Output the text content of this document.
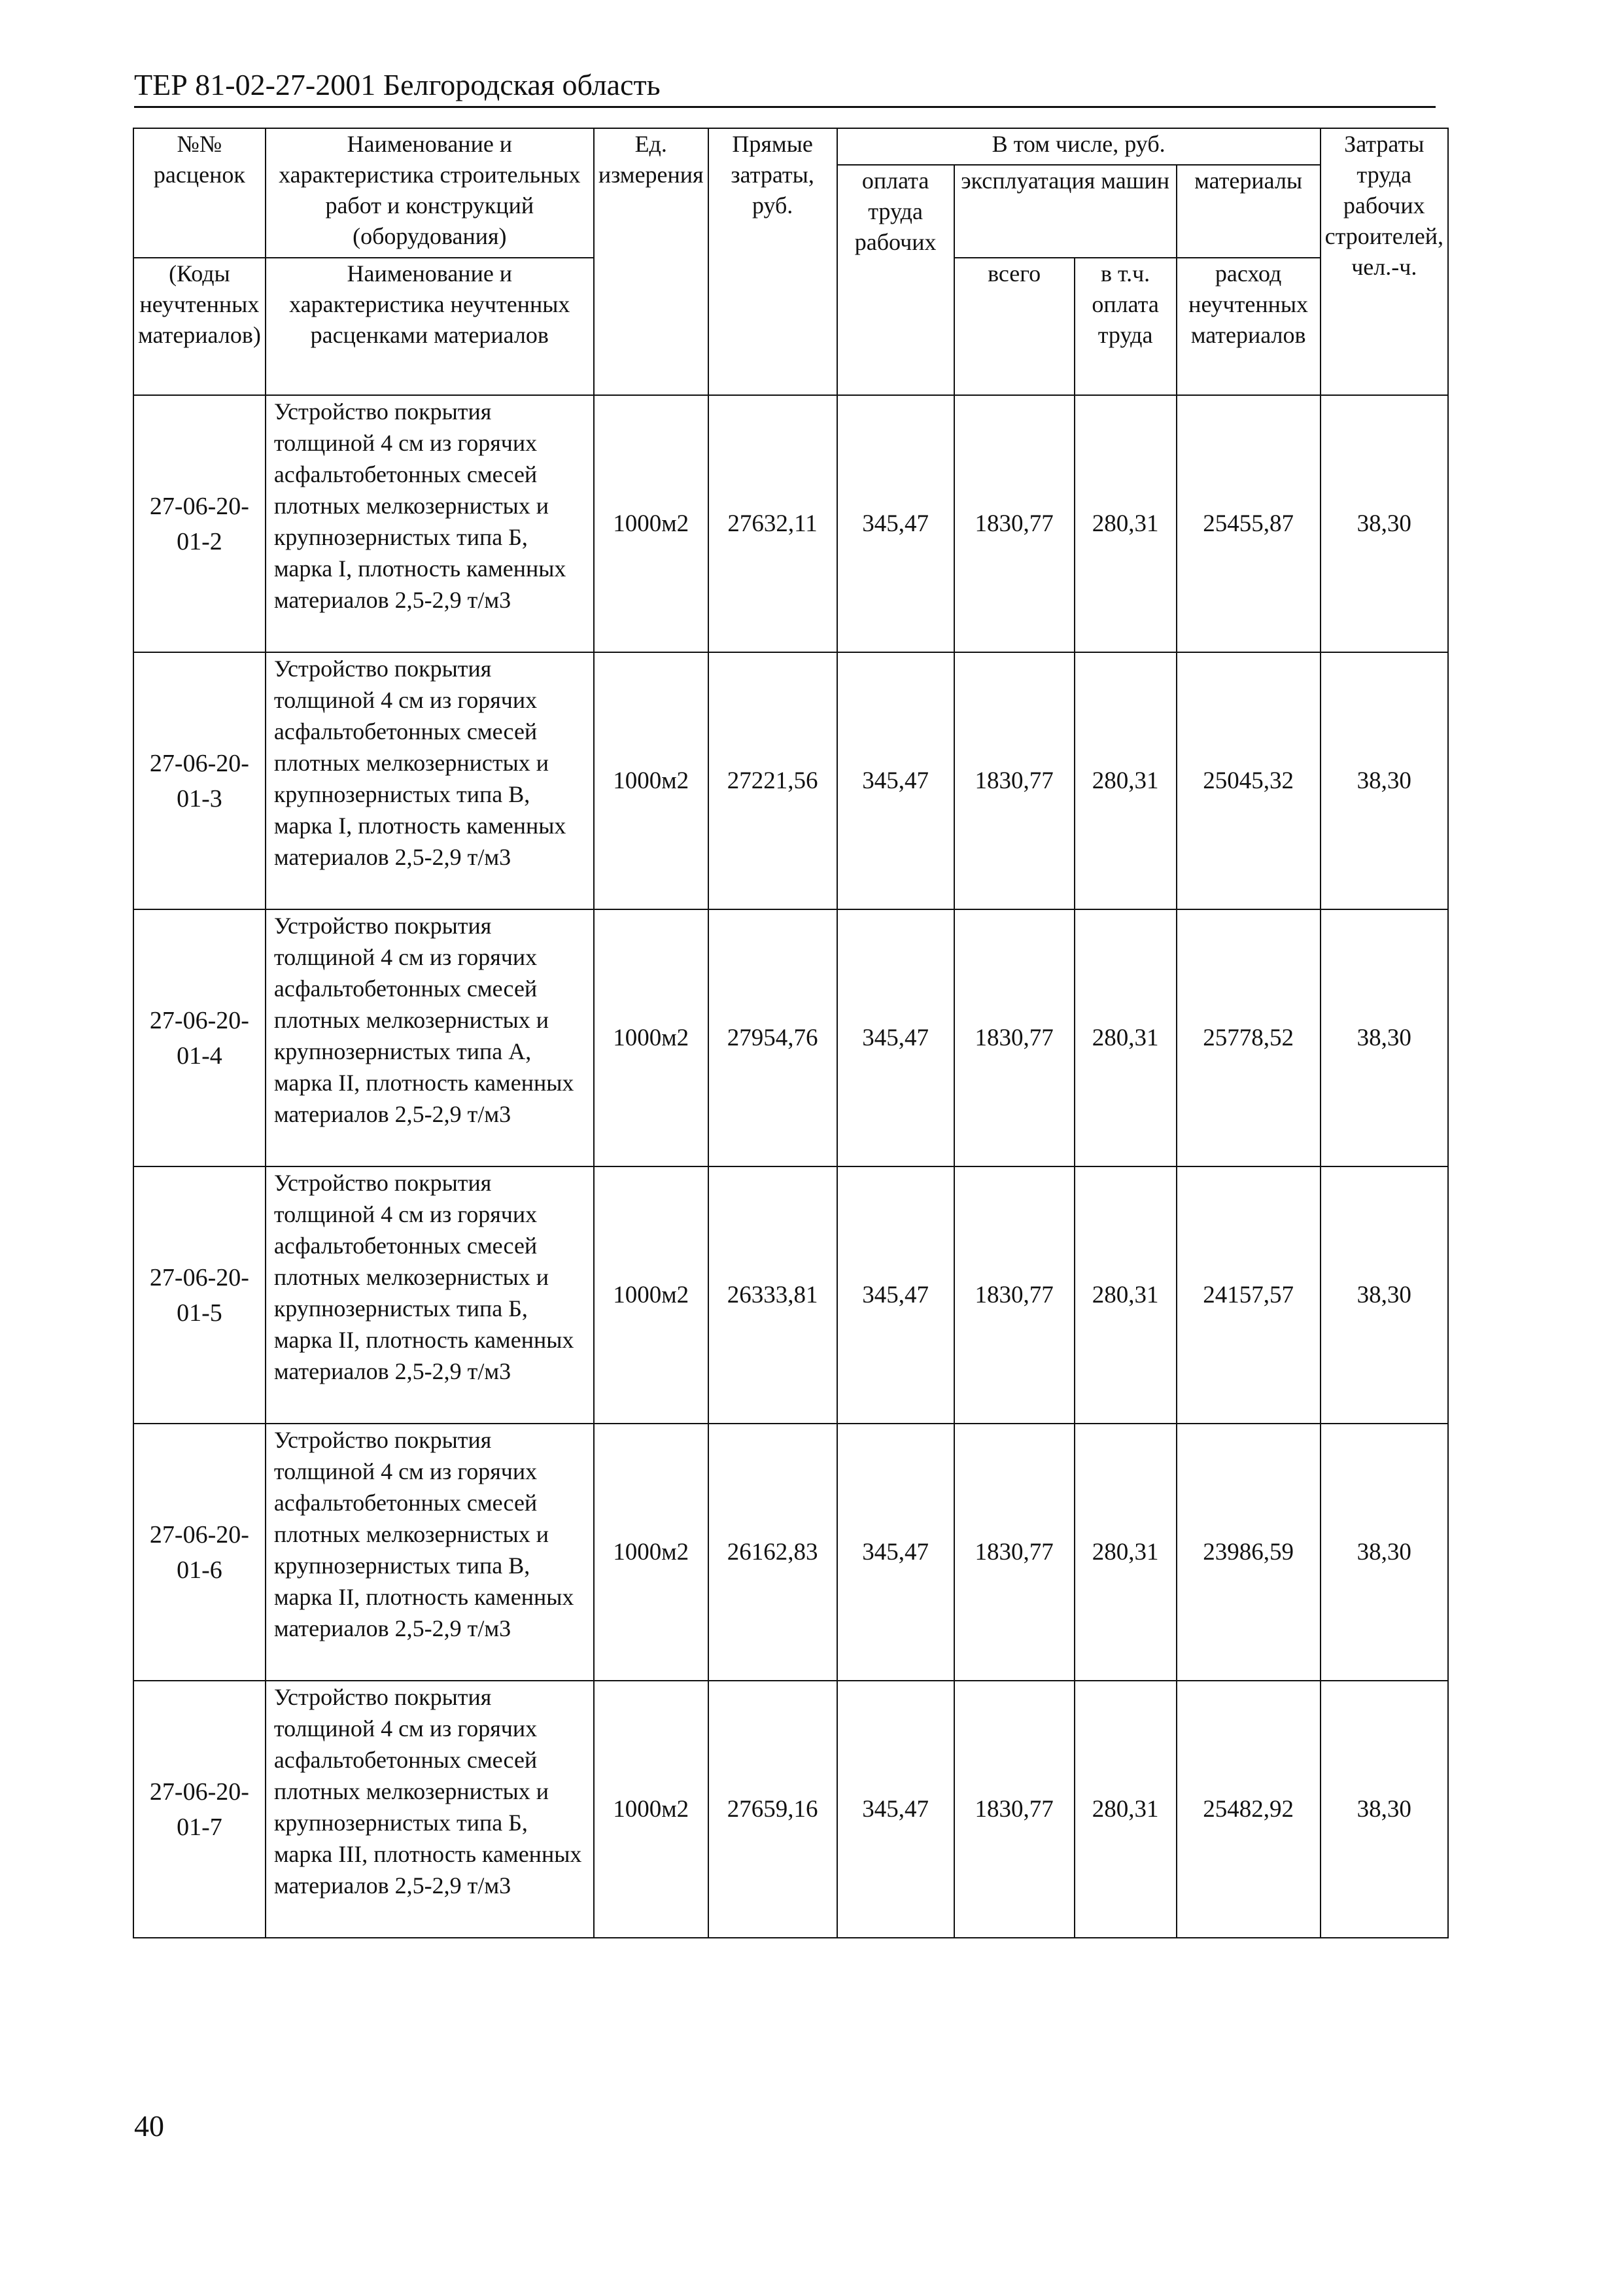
ТЕР 81-02-27-2001 Белгородская область
№№ расценок	Наименование и характеристика строительных работ и конструкций (оборудования)	Ед. измерения	Прямые затраты, руб.	В том числе, руб.				Затраты труда рабочих строителей, чел.-ч.
				оплата труда рабочих	эксплуатация машин		материалы	
(Коды неучтенных материалов)	Наименование и характеристика неучтенных расценками материалов				всего	в т.ч. оплата труда	расход неучтенных материалов	
27-06-20-01-2	Устройство покрытия толщиной 4 см из горячих асфальтобетонных смесей плотных мелкозернистых и крупнозернистых типа Б, марка I, плотность каменных материалов 2,5-2,9 т/м3	1000м2	27632,11	345,47	1830,77	280,31	25455,87	38,30
27-06-20-01-3	Устройство покрытия толщиной 4 см из горячих асфальтобетонных смесей плотных мелкозернистых и крупнозернистых типа В, марка I, плотность каменных материалов 2,5-2,9 т/м3	1000м2	27221,56	345,47	1830,77	280,31	25045,32	38,30
27-06-20-01-4	Устройство покрытия толщиной 4 см из горячих асфальтобетонных смесей плотных мелкозернистых и крупнозернистых типа А, марка II, плотность каменных материалов 2,5-2,9 т/м3	1000м2	27954,76	345,47	1830,77	280,31	25778,52	38,30
27-06-20-01-5	Устройство покрытия толщиной 4 см из горячих асфальтобетонных смесей плотных мелкозернистых и крупнозернистых типа Б, марка II, плотность каменных материалов 2,5-2,9 т/м3	1000м2	26333,81	345,47	1830,77	280,31	24157,57	38,30
27-06-20-01-6	Устройство покрытия толщиной 4 см из горячих асфальтобетонных смесей плотных мелкозернистых и крупнозернистых типа В, марка II, плотность каменных материалов 2,5-2,9 т/м3	1000м2	26162,83	345,47	1830,77	280,31	23986,59	38,30
27-06-20-01-7	Устройство покрытия толщиной 4 см из горячих асфальтобетонных смесей плотных мелкозернистых и крупнозернистых типа Б, марка III, плотность каменных материалов 2,5-2,9 т/м3	1000м2	27659,16	345,47	1830,77	280,31	25482,92	38,30
40
